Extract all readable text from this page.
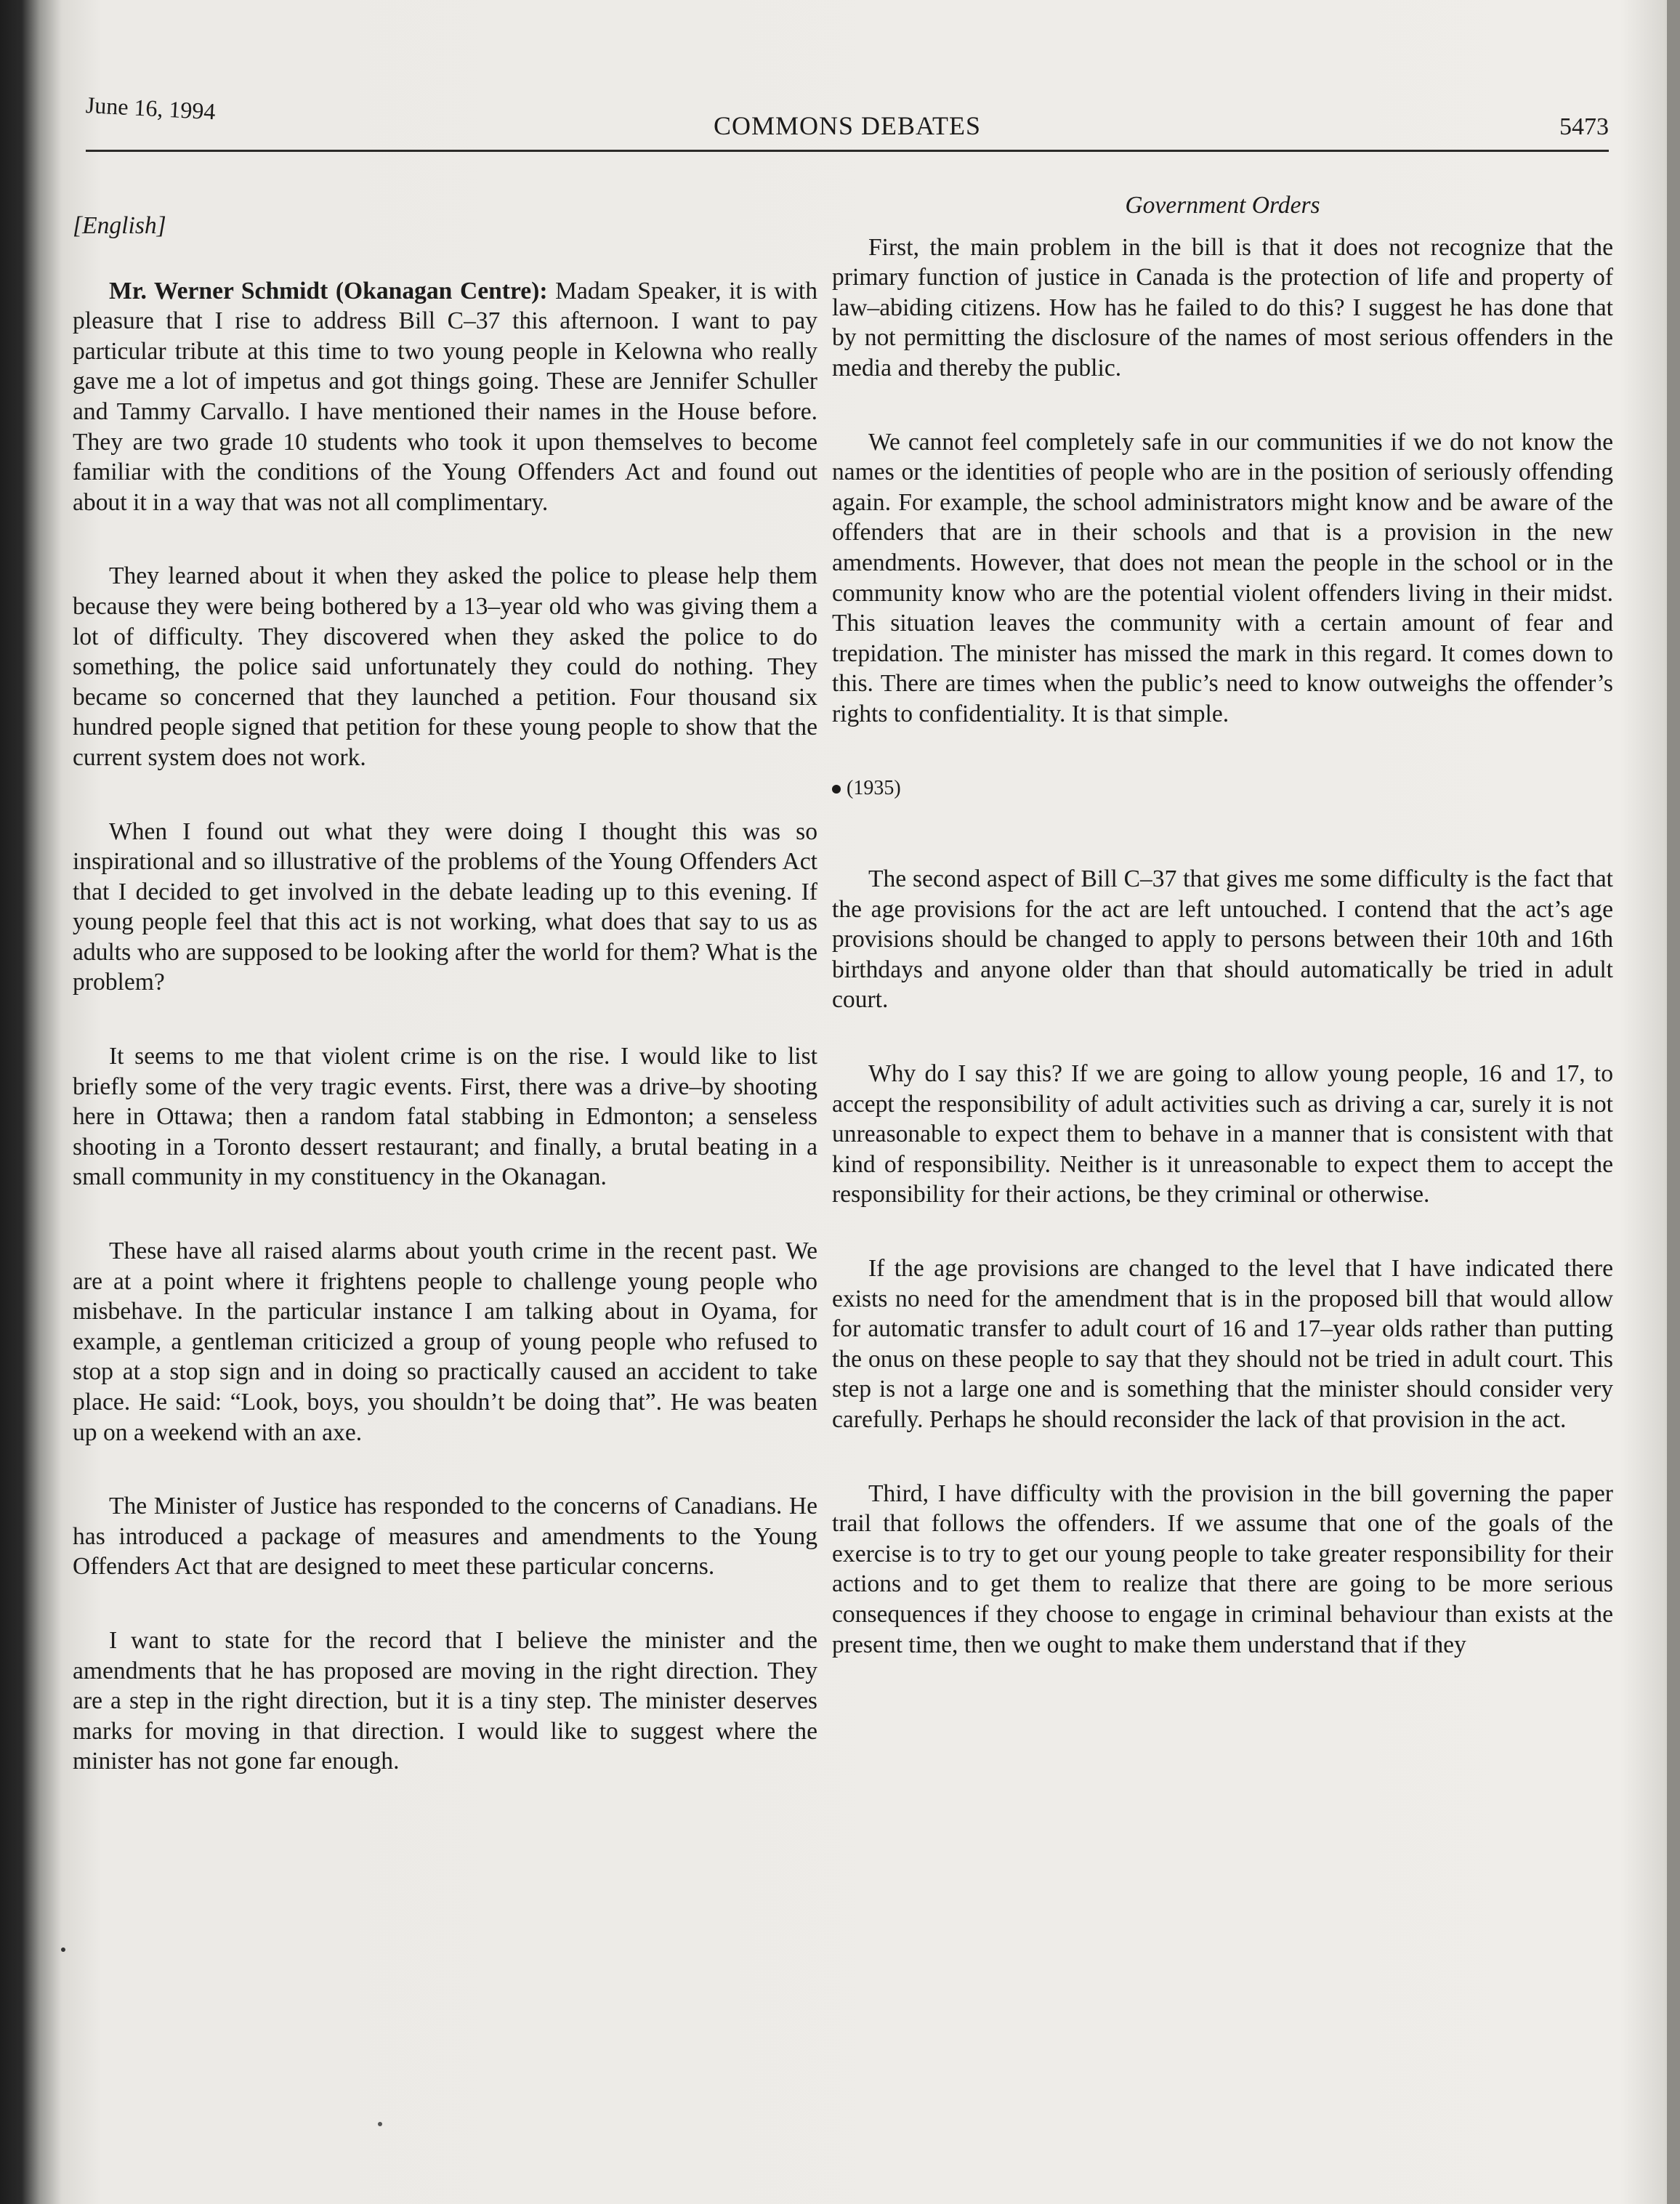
June 16, 1994
COMMONS DEBATES	5473

[English]

Mr. Werner Schmidt (Okanagan Centre): Madam Speaker, it is with pleasure that I rise to address Bill C–37 this afternoon. I want to pay particular tribute at this time to two young people in Kelowna who really gave me a lot of impetus and got things going. These are Jennifer Schuller and Tammy Carvallo. I have mentioned their names in the House before. They are two grade 10 students who took it upon themselves to become familiar with the conditions of the Young Offenders Act and found out about it in a way that was not all complimentary.

They learned about it when they asked the police to please help them because they were being bothered by a 13–year old who was giving them a lot of difficulty. They discovered when they asked the police to do something, the police said unfortunately they could do nothing. They became so concerned that they launched a petition. Four thousand six hundred people signed that petition for these young people to show that the current system does not work.

When I found out what they were doing I thought this was so inspirational and so illustrative of the problems of the Young Offenders Act that I decided to get involved in the debate leading up to this evening. If young people feel that this act is not working, what does that say to us as adults who are supposed to be looking after the world for them? What is the problem?

It seems to me that violent crime is on the rise. I would like to list briefly some of the very tragic events. First, there was a drive–by shooting here in Ottawa; then a random fatal stabbing in Edmonton; a senseless shooting in a Toronto dessert restaurant; and finally, a brutal beating in a small community in my constituency in the Okanagan.

These have all raised alarms about youth crime in the recent past. We are at a point where it frightens people to challenge young people who misbehave. In the particular instance I am talking about in Oyama, for example, a gentleman criticized a group of young people who refused to stop at a stop sign and in doing so practically caused an accident to take place. He said: “Look, boys, you shouldn’t be doing that”. He was beaten up on a weekend with an axe.

The Minister of Justice has responded to the concerns of Canadians. He has introduced a package of measures and amendments to the Young Offenders Act that are designed to meet these particular concerns.

I want to state for the record that I believe the minister and the amendments that he has proposed are moving in the right direction. They are a step in the right direction, but it is a tiny step. The minister deserves marks for moving in that direction. I would like to suggest where the minister has not gone far enough.

Government Orders

First, the main problem in the bill is that it does not recognize that the primary function of justice in Canada is the protection of life and property of law–abiding citizens. How has he failed to do this? I suggest he has done that by not permitting the disclosure of the names of most serious offenders in the media and thereby the public.

We cannot feel completely safe in our communities if we do not know the names or the identities of people who are in the position of seriously offending again. For example, the school administrators might know and be aware of the offenders that are in their schools and that is a provision in the new amendments. However, that does not mean the people in the school or in the community know who are the potential violent offenders living in their midst. This situation leaves the community with a certain amount of fear and trepidation. The minister has missed the mark in this regard. It comes down to this. There are times when the public’s need to know outweighs the offender’s rights to confidentiality. It is that simple.

(1935)

The second aspect of Bill C–37 that gives me some difficulty is the fact that the age provisions for the act are left untouched. I contend that the act’s age provisions should be changed to apply to persons between their 10th and 16th birthdays and anyone older than that should automatically be tried in adult court.

Why do I say this? If we are going to allow young people, 16 and 17, to accept the responsibility of adult activities such as driving a car, surely it is not unreasonable to expect them to behave in a manner that is consistent with that kind of responsibility. Neither is it unreasonable to expect them to accept the responsibility for their actions, be they criminal or otherwise.

If the age provisions are changed to the level that I have indicated there exists no need for the amendment that is in the proposed bill that would allow for automatic transfer to adult court of 16 and 17–year olds rather than putting the onus on these people to say that they should not be tried in adult court. This step is not a large one and is something that the minister should consider very carefully. Perhaps he should reconsider the lack of that provision in the act.

Third, I have difficulty with the provision in the bill governing the paper trail that follows the offenders. If we assume that one of the goals of the exercise is to try to get our young people to take greater responsibility for their actions and to get them to realize that there are going to be more serious consequences if they choose to engage in criminal behaviour than exists at the present time, then we ought to make them understand that if they
